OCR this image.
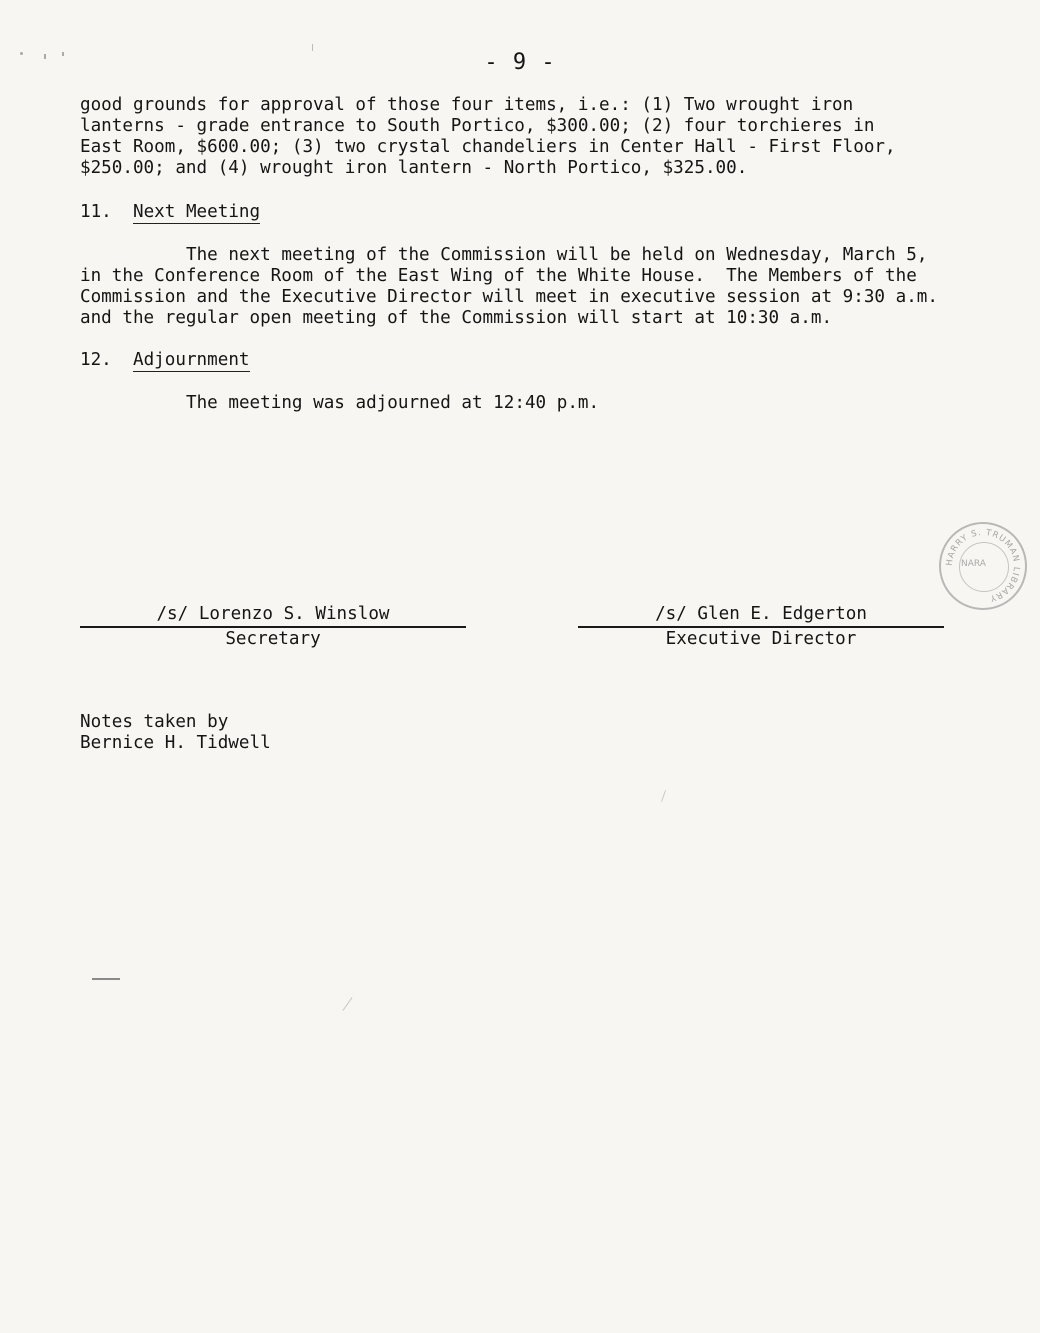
- 9 -
good grounds for approval of those four items, i.e.: (1) Two wrought iron
lanterns - grade entrance to South Portico, $300.00; (2) four torchieres in
East Room, $600.00; (3) two crystal chandeliers in Center Hall - First Floor,
$250.00; and (4) wrought iron lantern - North Portico, $325.00.
11. Next Meeting
The next meeting of the Commission will be held on Wednesday, March 5,
in the Conference Room of the East Wing of the White House.  The Members of the
Commission and the Executive Director will meet in executive session at 9:30 a.m.
and the regular open meeting of the Commission will start at 10:30 a.m.
12. Adjournment
The meeting was adjourned at 12:40 p.m.
HARRY S. TRUMAN LIBRARY
NARA
/s/ Lorenzo S. Winslow
Secretary
/s/ Glen E. Edgerton
Executive Director
Notes taken by
Bernice H. Tidwell
